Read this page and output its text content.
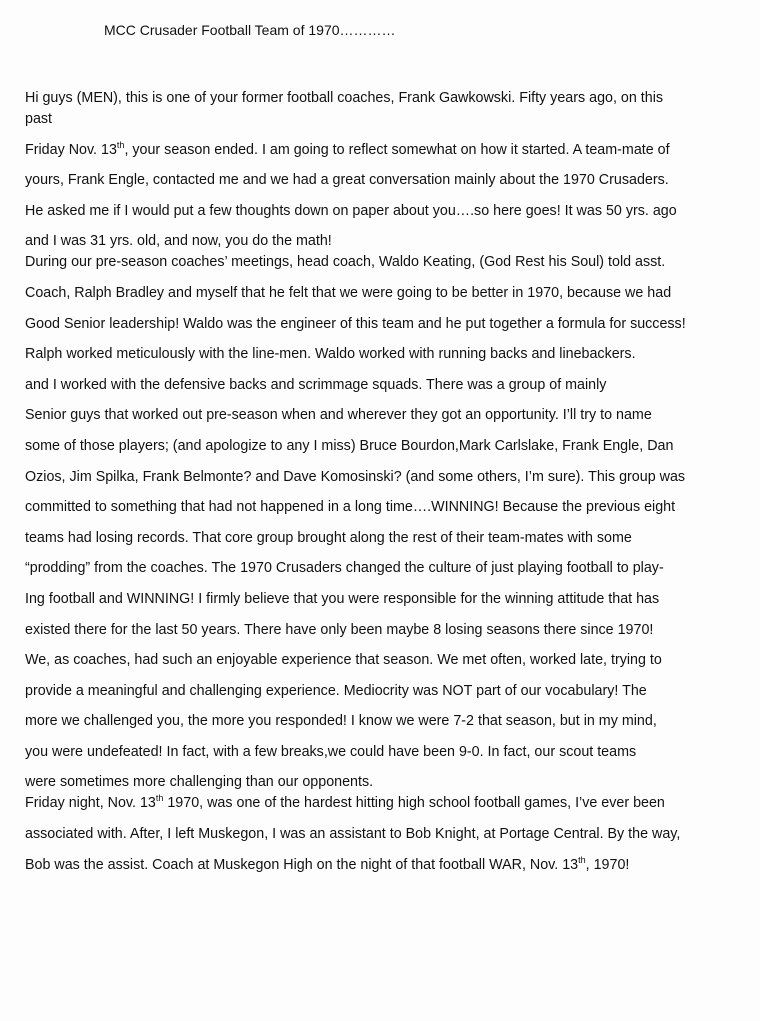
MCC Crusader Football Team of 1970…………
Hi guys (MEN), this is one of your former football coaches, Frank Gawkowski. Fifty years ago, on this
past
Friday Nov. 13th, your season ended. I am going to reflect somewhat on how it started. A team-mate of
yours, Frank Engle, contacted me and we had a great conversation mainly about the 1970 Crusaders.
He asked me if I would put a few thoughts down on paper about you….so here goes! It was 50 yrs. ago
and I was 31 yrs. old, and now, you do the math!
During our pre-season coaches’ meetings, head coach, Waldo Keating, (God Rest his Soul) told asst.
Coach, Ralph Bradley and myself that he felt that we were going to be better in 1970, because we had
Good Senior leadership! Waldo was the engineer of this team and he put together a formula for success!
Ralph worked meticulously with the line-men. Waldo worked with running backs and linebackers.
and I worked with the defensive backs and scrimmage squads. There was a group of mainly
Senior guys that worked out pre-season when and wherever they got an opportunity. I’ll try to name
some of those players; (and apologize to any I miss) Bruce Bourdon,Mark Carlslake, Frank Engle, Dan
Ozios, Jim Spilka, Frank Belmonte? and Dave Komosinski? (and some others, I’m sure). This group was
committed to something that had not happened in a long time….WINNING! Because the previous eight
teams had losing records. That core group brought along the rest of their team-mates with some
“prodding” from the coaches. The 1970 Crusaders changed the culture of just playing football to play-
Ing football and WINNING! I firmly believe that you were responsible for the winning attitude that has
existed there for the last 50 years. There have only been maybe 8 losing seasons there since 1970!
We, as coaches, had such an enjoyable experience that season. We met often, worked late, trying to
provide a meaningful and challenging experience. Mediocrity was NOT part of our vocabulary! The
more we challenged you, the more you responded! I know we were 7-2 that season, but in my mind,
you were undefeated! In fact, with a few breaks,we could have been 9-0. In fact, our scout teams
were sometimes more challenging than our opponents.
Friday night, Nov. 13th 1970, was one of the hardest hitting high school football games, I’ve ever been
associated with. After, I left Muskegon, I was an assistant to Bob Knight, at Portage Central. By the way,
Bob was the assist. Coach at Muskegon High on the night of that football WAR, Nov. 13th, 1970!
